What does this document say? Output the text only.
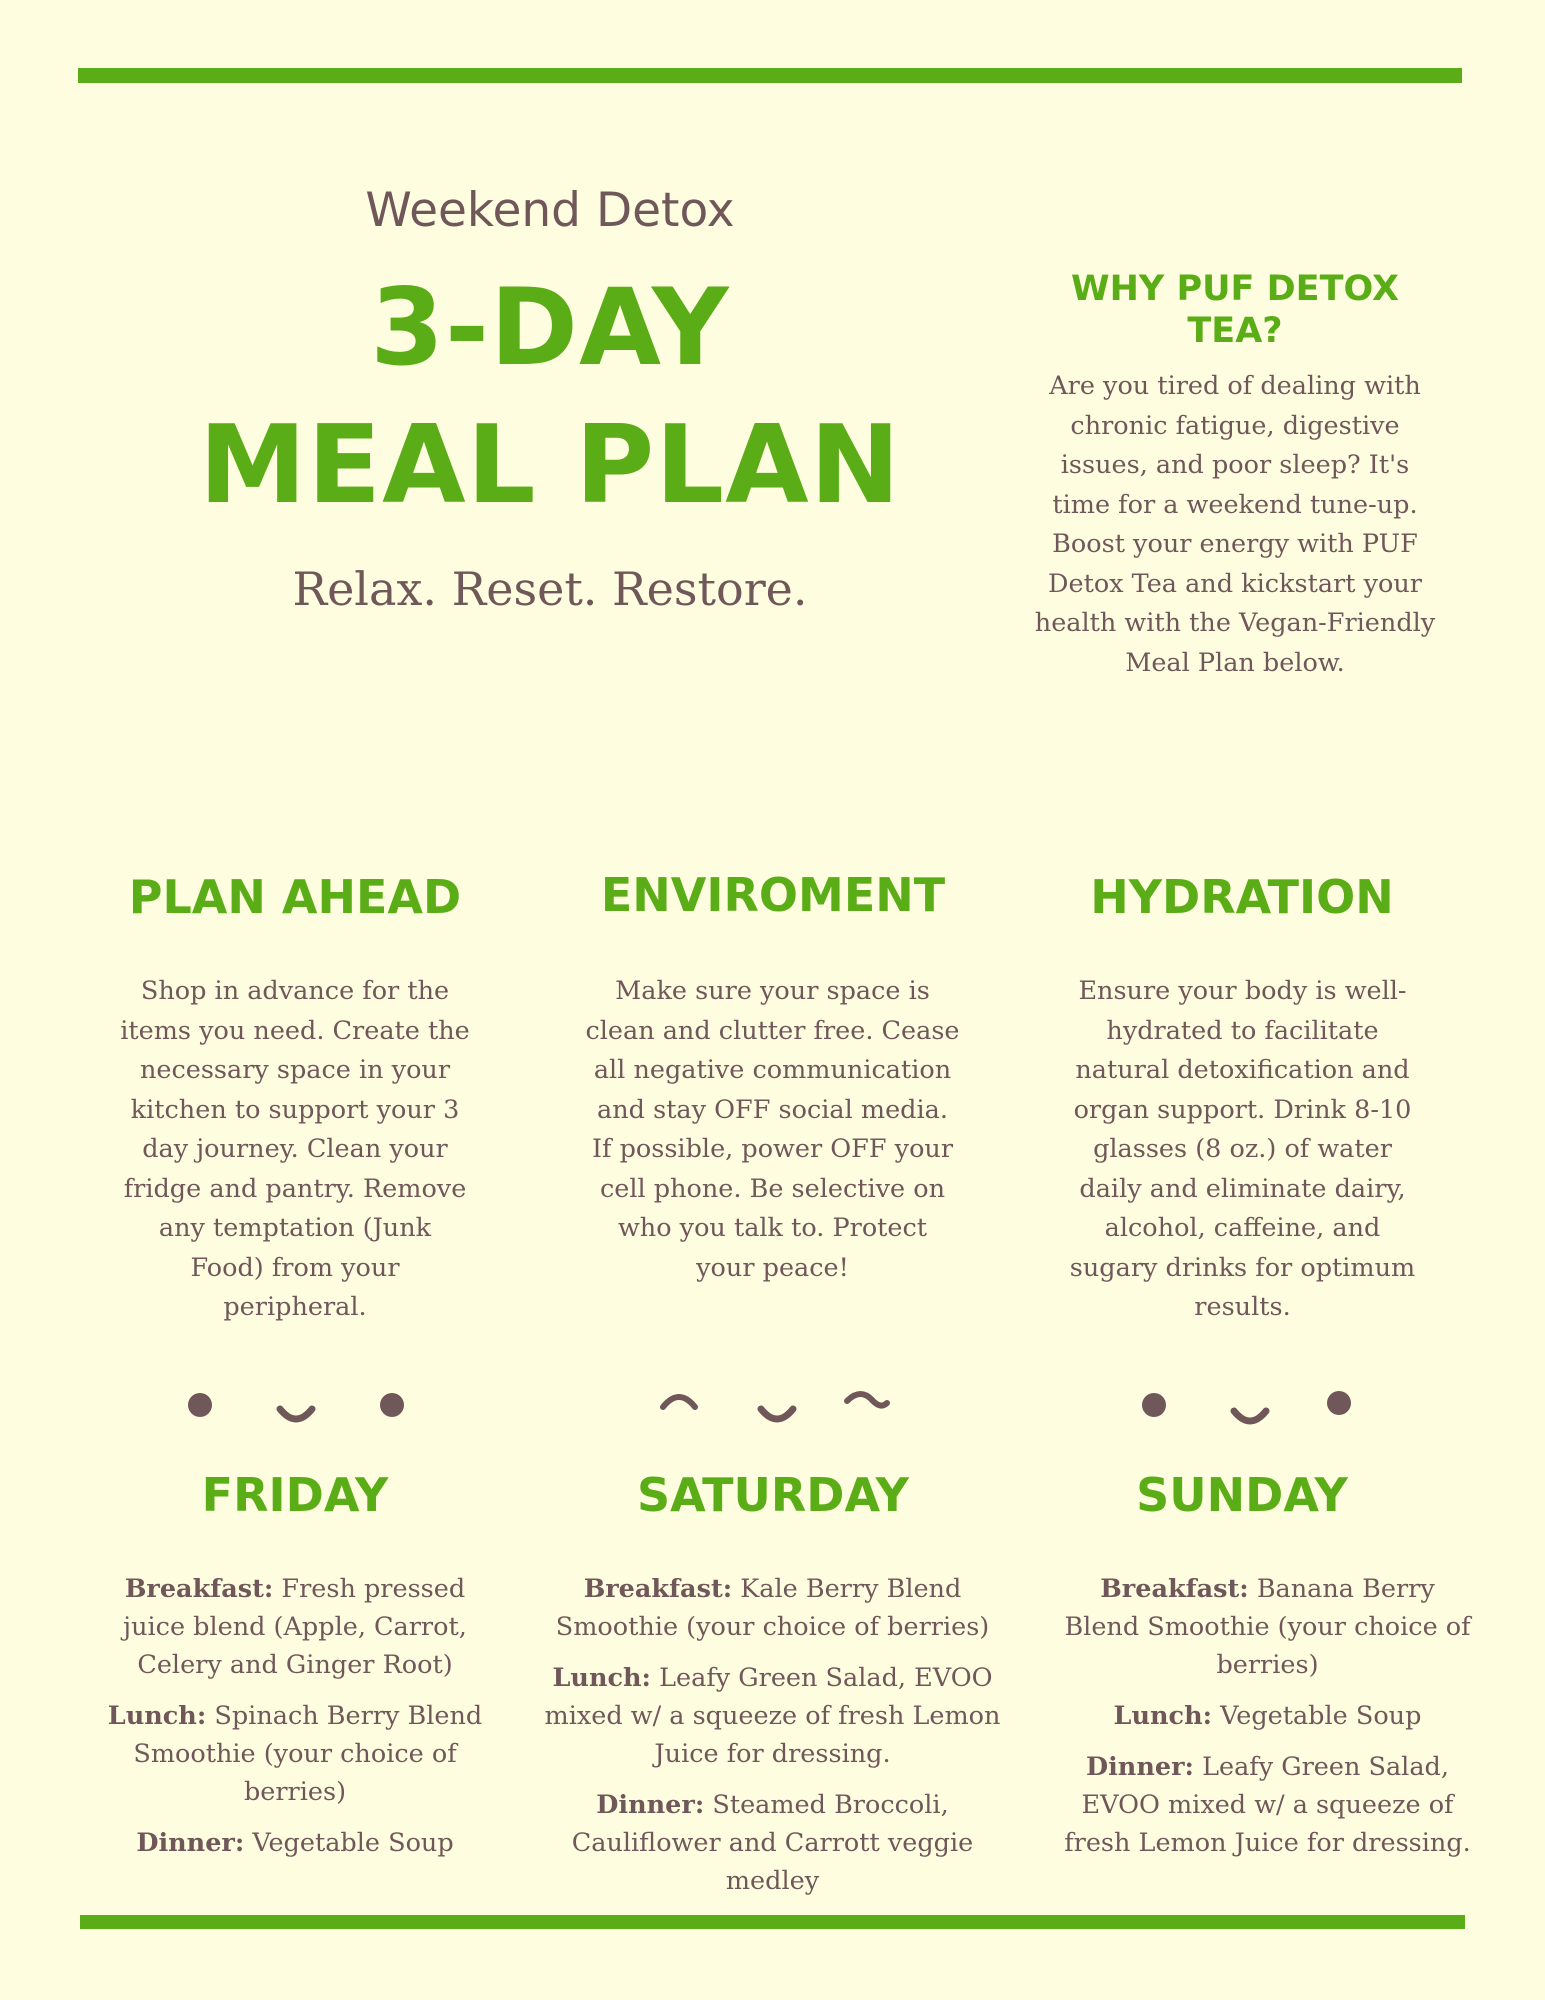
Weekend Detox
3-DAY
MEAL PLAN
Relax. Reset. Restore.
WHY PUF DETOX TEA?
Are you tired of dealing with chronic fatigue, digestive issues, and poor sleep? It's time for a weekend tune-up. Boost your energy with PUF Detox Tea and kickstart your health with the Vegan-Friendly Meal Plan below.
PLAN AHEAD
Shop in advance for the items you need. Create the necessary space in your kitchen to support your 3 day journey. Clean your fridge and pantry. Remove any temptation (Junk Food) from your peripheral.
ENVIROMENT
Make sure your space is clean and clutter free. Cease all negative communication and stay OFF social media. If possible, power OFF your cell phone. Be selective on who you talk to. Protect your peace!
HYDRATION
Ensure your body is well-hydrated to facilitate natural detoxification and organ support. Drink 8-10 glasses (8 oz.) of water daily and eliminate dairy, alcohol, caffeine, and sugary drinks for optimum results.
FRIDAY	SATURDAY	SUNDAY

Breakfast: Fresh pressed juice blend (Apple, Carrot, Celery and Ginger Root)

Lunch: Spinach Berry Blend Smoothie (your choice of berries)

Dinner: Vegetable Soup

Breakfast: Kale Berry Blend Smoothie (your choice of berries)

Lunch: Leafy Green Salad, EVOO mixed w/ a squeeze of fresh Lemon Juice for dressing.

Dinner: Steamed Broccoli, Cauliflower and Carrott veggie medley

Breakfast: Banana Berry Blend Smoothie (your choice of berries)

Lunch: Vegetable Soup

Dinner: Leafy Green Salad, EVOO mixed w/ a squeeze of fresh Lemon Juice for dressing.
